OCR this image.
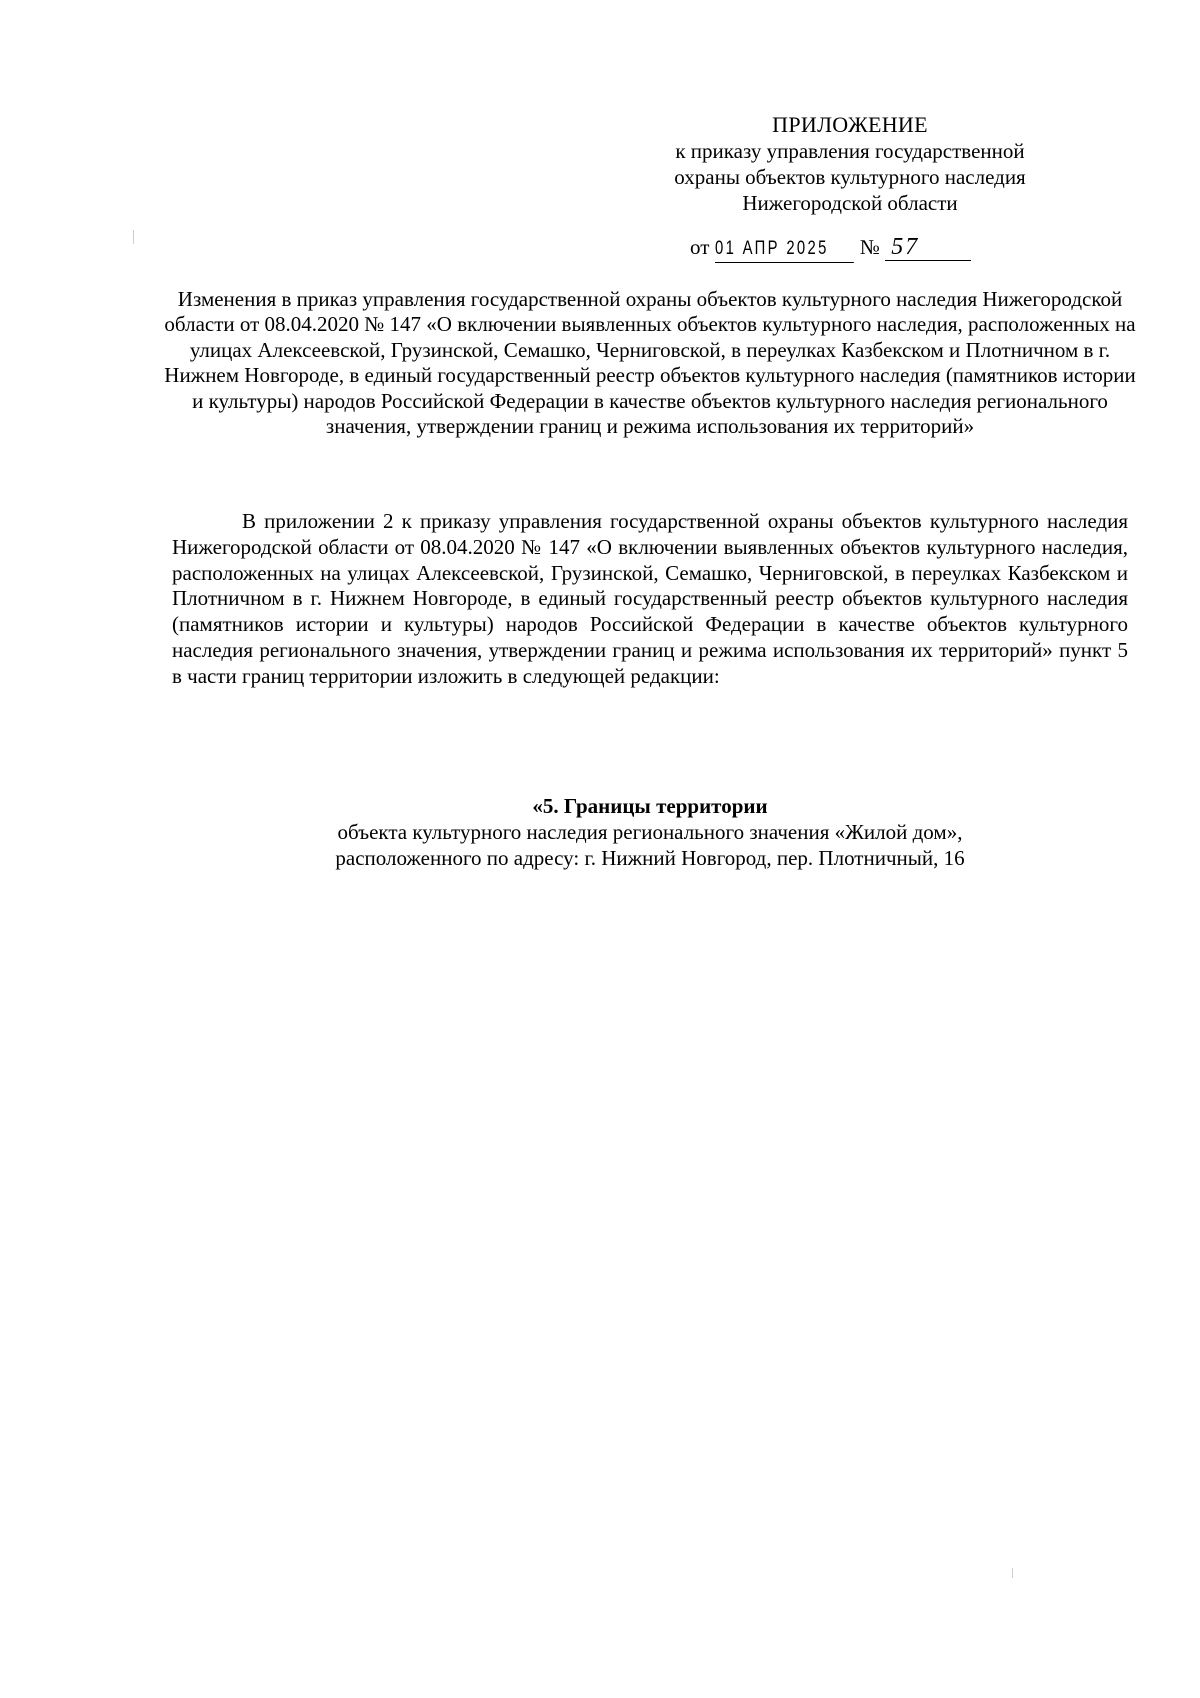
ПРИЛОЖЕНИЕ
к приказу управления государственной
охраны объектов культурного наследия
Нижегородской области
от 01 АПР 2025 № 57
Изменения в приказ управления государственной охраны объектов культурного наследия Нижегородской области от 08.04.2020 № 147 «О включении выявленных объектов культурного наследия, расположенных на улицах Алексеевской, Грузинской, Семашко, Черниговской, в переулках Казбекском и Плотничном в г. Нижнем Новгороде, в единый государственный реестр объектов культурного наследия (памятников истории и культуры) народов Российской Федерации в качестве объектов культурного наследия регионального значения, утверждении границ и режима использования их территорий»
В приложении 2 к приказу управления государственной охраны объектов культурного наследия Нижегородской области от 08.04.2020 № 147 «О включении выявленных объектов культурного наследия, расположенных на улицах Алексеевской, Грузинской, Семашко, Черниговской, в переулках Казбекском и Плотничном в г. Нижнем Новгороде, в единый государственный реестр объектов культурного наследия (памятников истории и культуры) народов Российской Федерации в качестве объектов культурного наследия регионального значения, утверждении границ и режима использования их территорий» пункт 5 в части границ территории изложить в следующей редакции:
«5. Границы территории
объекта культурного наследия регионального значения «Жилой дом»,
расположенного по адресу: г. Нижний Новгород, пер. Плотничный, 16
